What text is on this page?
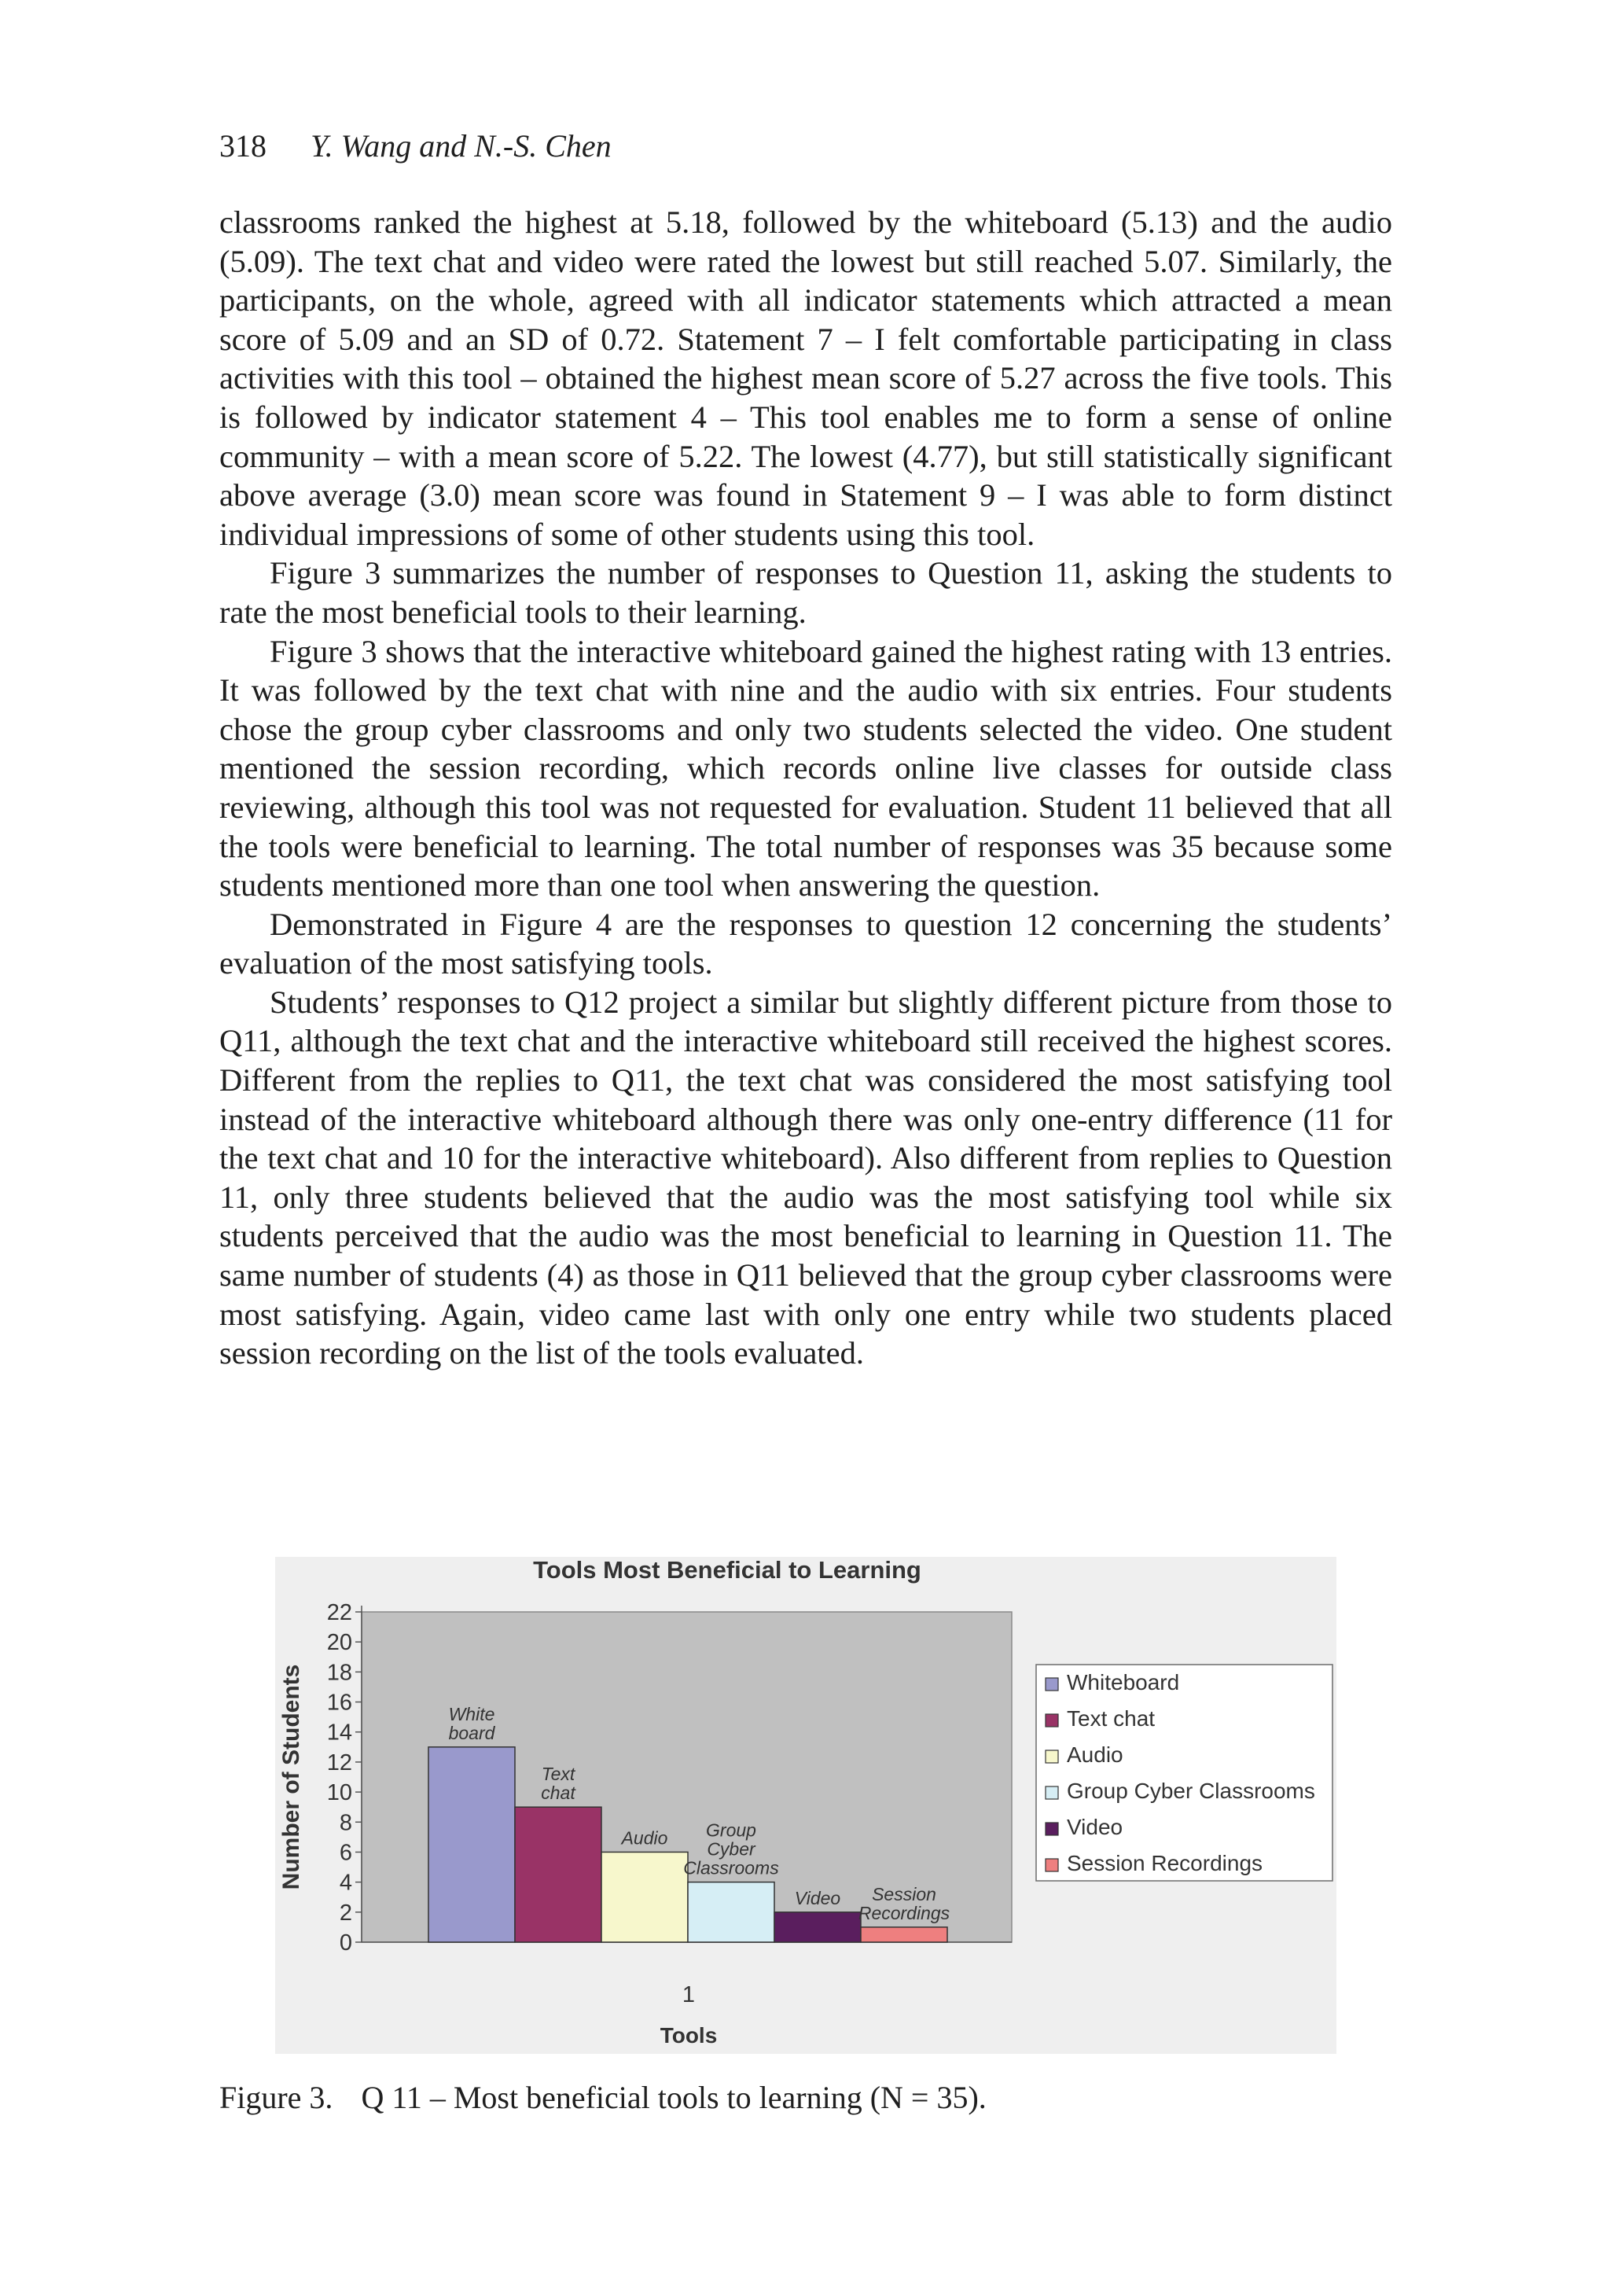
318 Y. Wang and N.-S. Chen

classrooms ranked the highest at 5.18, followed by the whiteboard (5.13) and the audio (5.09). The text chat and video were rated the lowest but still reached 5.07. Similarly, the participants, on the whole, agreed with all indicator statements which attracted a mean score of 5.09 and an SD of 0.72. Statement 7 – I felt comfortable participating in class activities with this tool – obtained the highest mean score of 5.27 across the five tools. This is followed by indicator statement 4 – This tool enables me to form a sense of online community – with a mean score of 5.22. The lowest (4.77), but still statistically significant above average (3.0) mean score was found in Statement 9 – I was able to form distinct individual impressions of some of other students using this tool.

Figure 3 summarizes the number of responses to Question 11, asking the students to rate the most beneficial tools to their learning.

Figure 3 shows that the interactive whiteboard gained the highest rating with 13 entries. It was followed by the text chat with nine and the audio with six entries. Four students chose the group cyber classrooms and only two students selected the video. One student mentioned the session recording, which records online live classes for outside class reviewing, although this tool was not requested for evaluation. Student 11 believed that all the tools were beneficial to learning. The total number of responses was 35 because some students mentioned more than one tool when answering the question.

Demonstrated in Figure 4 are the responses to question 12 concerning the students’ evaluation of the most satisfying tools.

Students’ responses to Q12 project a similar but slightly different picture from those to Q11, although the text chat and the interactive whiteboard still received the highest scores. Different from the replies to Q11, the text chat was considered the most satisfying tool instead of the interactive whiteboard although there was only one-entry difference (11 for the text chat and 10 for the interactive whiteboard). Also different from replies to Question 11, only three students believed that the audio was the most satisfying tool while six students perceived that the audio was the most beneficial to learning in Question 11. The same number of students (4) as those in Q11 believed that the group cyber classrooms were most satisfying. Again, video came last with only one entry while two students placed session recording on the list of the tools evaluated.

Tools Most Beneficial to Learning
0
2
4
6
8
10
12
14
16
18
20
22
White
board
Text
chat
Audio Group
Cyber
Classrooms
Video Session
Recordings
1
Tools
Number of Students	Whiteboard
Text chat
Audio
Group Cyber Classrooms
Video
Session Recordings
Figure 3. Q 11 – Most beneficial tools to learning (N = 35).
